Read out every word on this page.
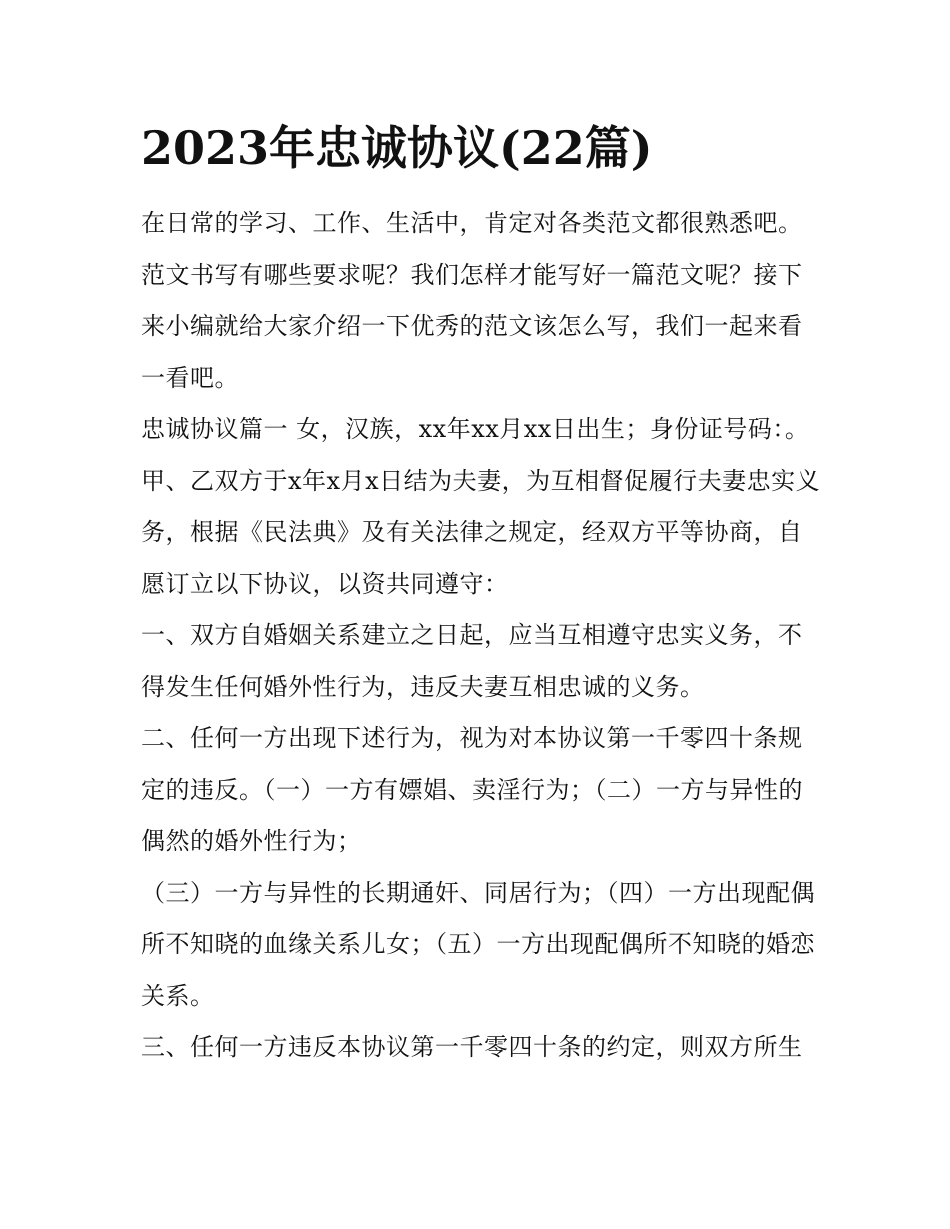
2023年忠诚协议(22篇)

在日常的学习、工作、生活中，肯定对各类范文都很熟悉吧。范文书写有哪些要求呢？我们怎样才能写好一篇范文呢？接下来小编就给大家介绍一下优秀的范文该怎么写，我们一起来看一看吧。

忠诚协议篇一 女，汉族，xx年xx月xx日出生；身份证号码：。

甲、乙双方于x年x月x日结为夫妻，为互相督促履行夫妻忠实义务，根据《民法典》及有关法律之规定，经双方平等协商，自愿订立以下协议，以资共同遵守：

一、双方自婚姻关系建立之日起，应当互相遵守忠实义务，不得发生任何婚外性行为，违反夫妻互相忠诚的义务。

二、任何一方出现下述行为，视为对本协议第一千零四十条规定的违反。（一）一方有嫖娼、卖淫行为；（二）一方与异性的偶然的婚外性行为；

（三）一方与异性的长期通奸、同居行为；（四）一方出现配偶所不知晓的血缘关系儿女；（五）一方出现配偶所不知晓的婚恋关系。

三、任何一方违反本协议第一千零四十条的约定，则双方所生
